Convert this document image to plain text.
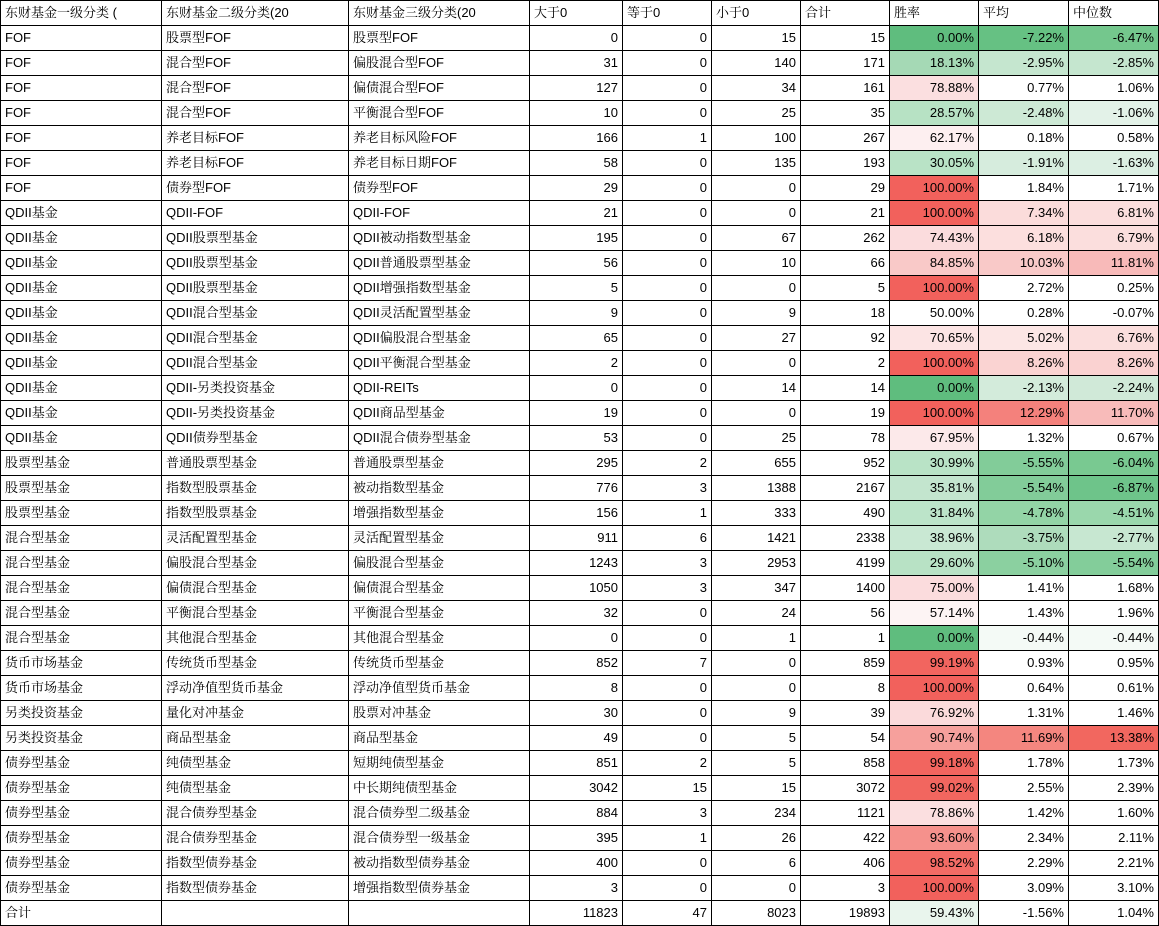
东财基金一级分类 (	东财基金二级分类(20	东财基金三级分类(20	大于0	等于0	小于0	合计	胜率	平均	中位数
FOF	股票型FOF	股票型FOF	0	0	15	15	0.00%	-7.22%	-6.47%
FOF	混合型FOF	偏股混合型FOF	31	0	140	171	18.13%	-2.95%	-2.85%
FOF	混合型FOF	偏债混合型FOF	127	0	34	161	78.88%	0.77%	1.06%
FOF	混合型FOF	平衡混合型FOF	10	0	25	35	28.57%	-2.48%	-1.06%
FOF	养老目标FOF	养老目标风险FOF	166	1	100	267	62.17%	0.18%	0.58%
FOF	养老目标FOF	养老目标日期FOF	58	0	135	193	30.05%	-1.91%	-1.63%
FOF	债券型FOF	债券型FOF	29	0	0	29	100.00%	1.84%	1.71%
QDII基金	QDII-FOF	QDII-FOF	21	0	0	21	100.00%	7.34%	6.81%
QDII基金	QDII股票型基金	QDII被动指数型基金	195	0	67	262	74.43%	6.18%	6.79%
QDII基金	QDII股票型基金	QDII普通股票型基金	56	0	10	66	84.85%	10.03%	11.81%
QDII基金	QDII股票型基金	QDII增强指数型基金	5	0	0	5	100.00%	2.72%	0.25%
QDII基金	QDII混合型基金	QDII灵活配置型基金	9	0	9	18	50.00%	0.28%	-0.07%
QDII基金	QDII混合型基金	QDII偏股混合型基金	65	0	27	92	70.65%	5.02%	6.76%
QDII基金	QDII混合型基金	QDII平衡混合型基金	2	0	0	2	100.00%	8.26%	8.26%
QDII基金	QDII-另类投资基金	QDII-REITs	0	0	14	14	0.00%	-2.13%	-2.24%
QDII基金	QDII-另类投资基金	QDII商品型基金	19	0	0	19	100.00%	12.29%	11.70%
QDII基金	QDII债券型基金	QDII混合债券型基金	53	0	25	78	67.95%	1.32%	0.67%
股票型基金	普通股票型基金	普通股票型基金	295	2	655	952	30.99%	-5.55%	-6.04%
股票型基金	指数型股票基金	被动指数型基金	776	3	1388	2167	35.81%	-5.54%	-6.87%
股票型基金	指数型股票基金	增强指数型基金	156	1	333	490	31.84%	-4.78%	-4.51%
混合型基金	灵活配置型基金	灵活配置型基金	911	6	1421	2338	38.96%	-3.75%	-2.77%
混合型基金	偏股混合型基金	偏股混合型基金	1243	3	2953	4199	29.60%	-5.10%	-5.54%
混合型基金	偏债混合型基金	偏债混合型基金	1050	3	347	1400	75.00%	1.41%	1.68%
混合型基金	平衡混合型基金	平衡混合型基金	32	0	24	56	57.14%	1.43%	1.96%
混合型基金	其他混合型基金	其他混合型基金	0	0	1	1	0.00%	-0.44%	-0.44%
货币市场基金	传统货币型基金	传统货币型基金	852	7	0	859	99.19%	0.93%	0.95%
货币市场基金	浮动净值型货币基金	浮动净值型货币基金	8	0	0	8	100.00%	0.64%	0.61%
另类投资基金	量化对冲基金	股票对冲基金	30	0	9	39	76.92%	1.31%	1.46%
另类投资基金	商品型基金	商品型基金	49	0	5	54	90.74%	11.69%	13.38%
债券型基金	纯债型基金	短期纯债型基金	851	2	5	858	99.18%	1.78%	1.73%
债券型基金	纯债型基金	中长期纯债型基金	3042	15	15	3072	99.02%	2.55%	2.39%
债券型基金	混合债券型基金	混合债券型二级基金	884	3	234	1121	78.86%	1.42%	1.60%
债券型基金	混合债券型基金	混合债券型一级基金	395	1	26	422	93.60%	2.34%	2.11%
债券型基金	指数型债券基金	被动指数型债券基金	400	0	6	406	98.52%	2.29%	2.21%
债券型基金	指数型债券基金	增强指数型债券基金	3	0	0	3	100.00%	3.09%	3.10%
合计			11823	47	8023	19893	59.43%	-1.56%	1.04%
